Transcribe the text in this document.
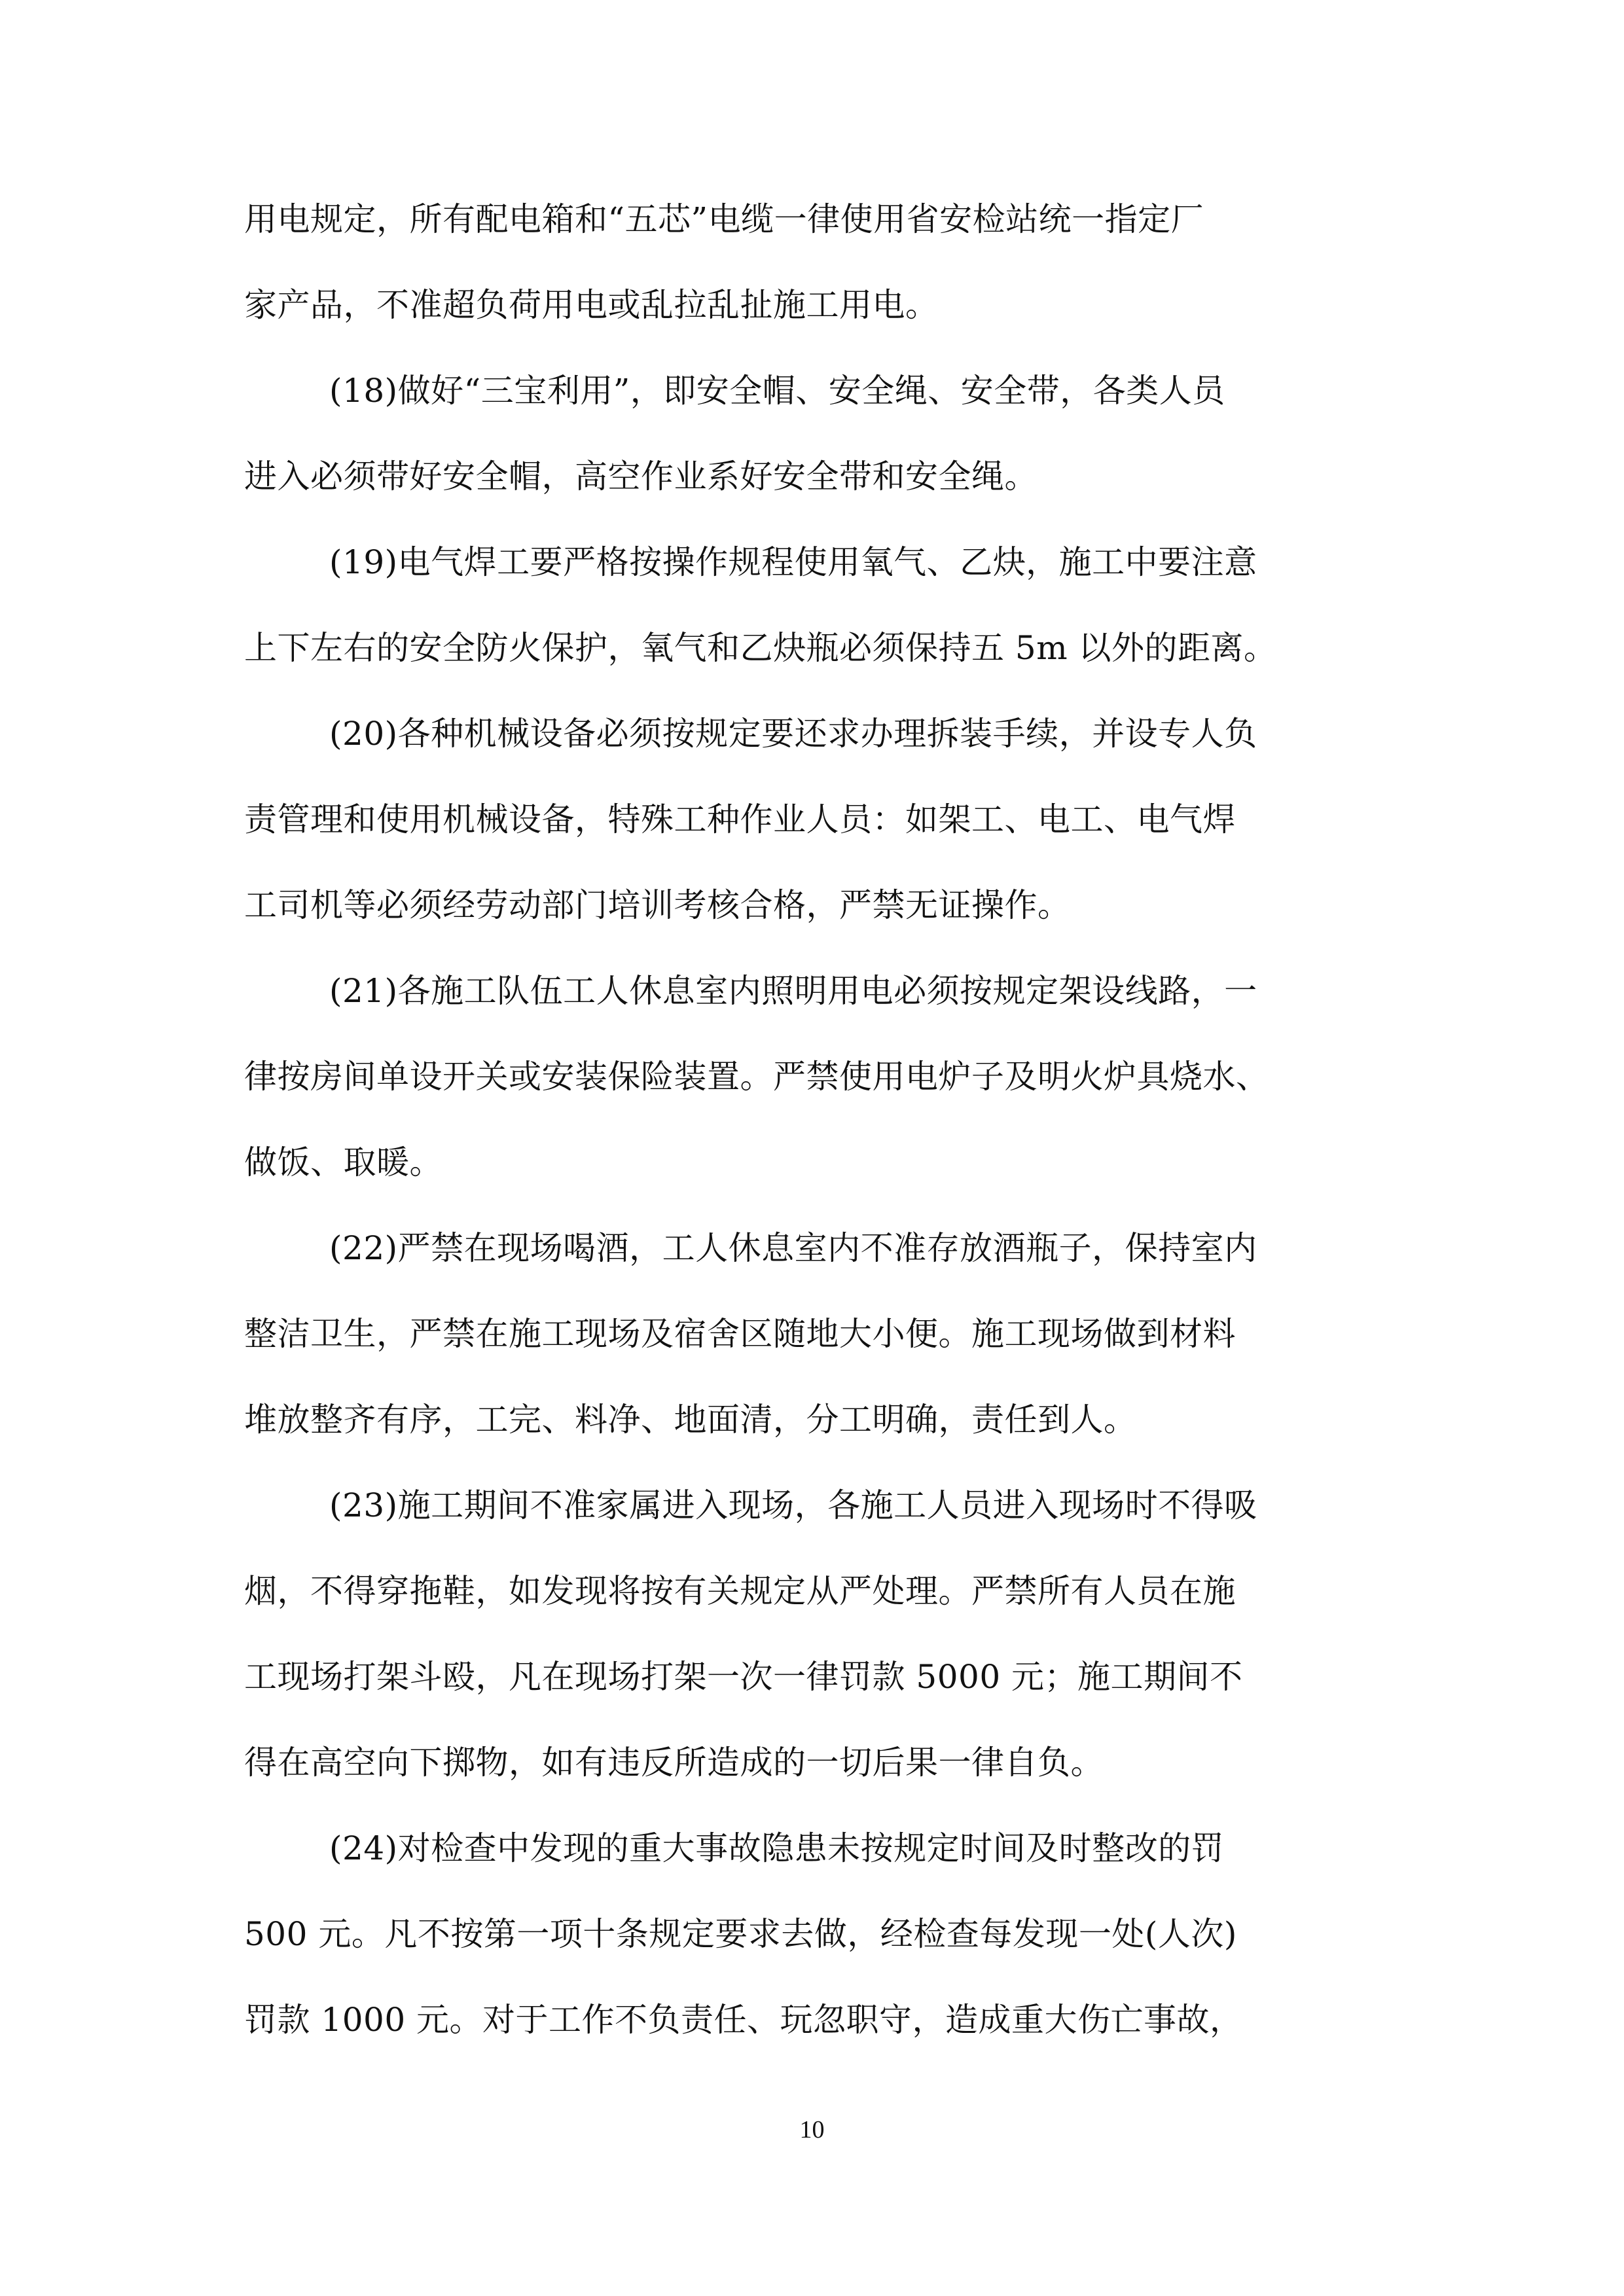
用电规定，所有配电箱和“五芯”电缆一律使用省安检站统一指定厂
家产品，不准超负荷用电或乱拉乱扯施工用电。
(18)做好“三宝利用”，即安全帽、安全绳、安全带，各类人员
进入必须带好安全帽，高空作业系好安全带和安全绳。
(19)电气焊工要严格按操作规程使用氧气、乙炔，施工中要注意
上下左右的安全防火保护，氧气和乙炔瓶必须保持五 5m 以外的距离。
(20)各种机械设备必须按规定要还求办理拆装手续，并设专人负
责管理和使用机械设备，特殊工种作业人员：如架工、电工、电气焊
工司机等必须经劳动部门培训考核合格，严禁无证操作。
(21)各施工队伍工人休息室内照明用电必须按规定架设线路，一
律按房间单设开关或安装保险装置。严禁使用电炉子及明火炉具烧水、
做饭、取暖。
(22)严禁在现场喝酒，工人休息室内不准存放酒瓶子，保持室内
整洁卫生，严禁在施工现场及宿舍区随地大小便。施工现场做到材料
堆放整齐有序，工完、料净、地面清，分工明确，责任到人。
(23)施工期间不准家属进入现场，各施工人员进入现场时不得吸
烟，不得穿拖鞋，如发现将按有关规定从严处理。严禁所有人员在施
工现场打架斗殴，凡在现场打架一次一律罚款 5000 元；施工期间不
得在高空向下掷物，如有违反所造成的一切后果一律自负。
(24)对检查中发现的重大事故隐患未按规定时间及时整改的罚
500 元。凡不按第一项十条规定要求去做，经检查每发现一处(人次)
罚款 1000 元。对于工作不负责任、玩忽职守，造成重大伤亡事故，
10
